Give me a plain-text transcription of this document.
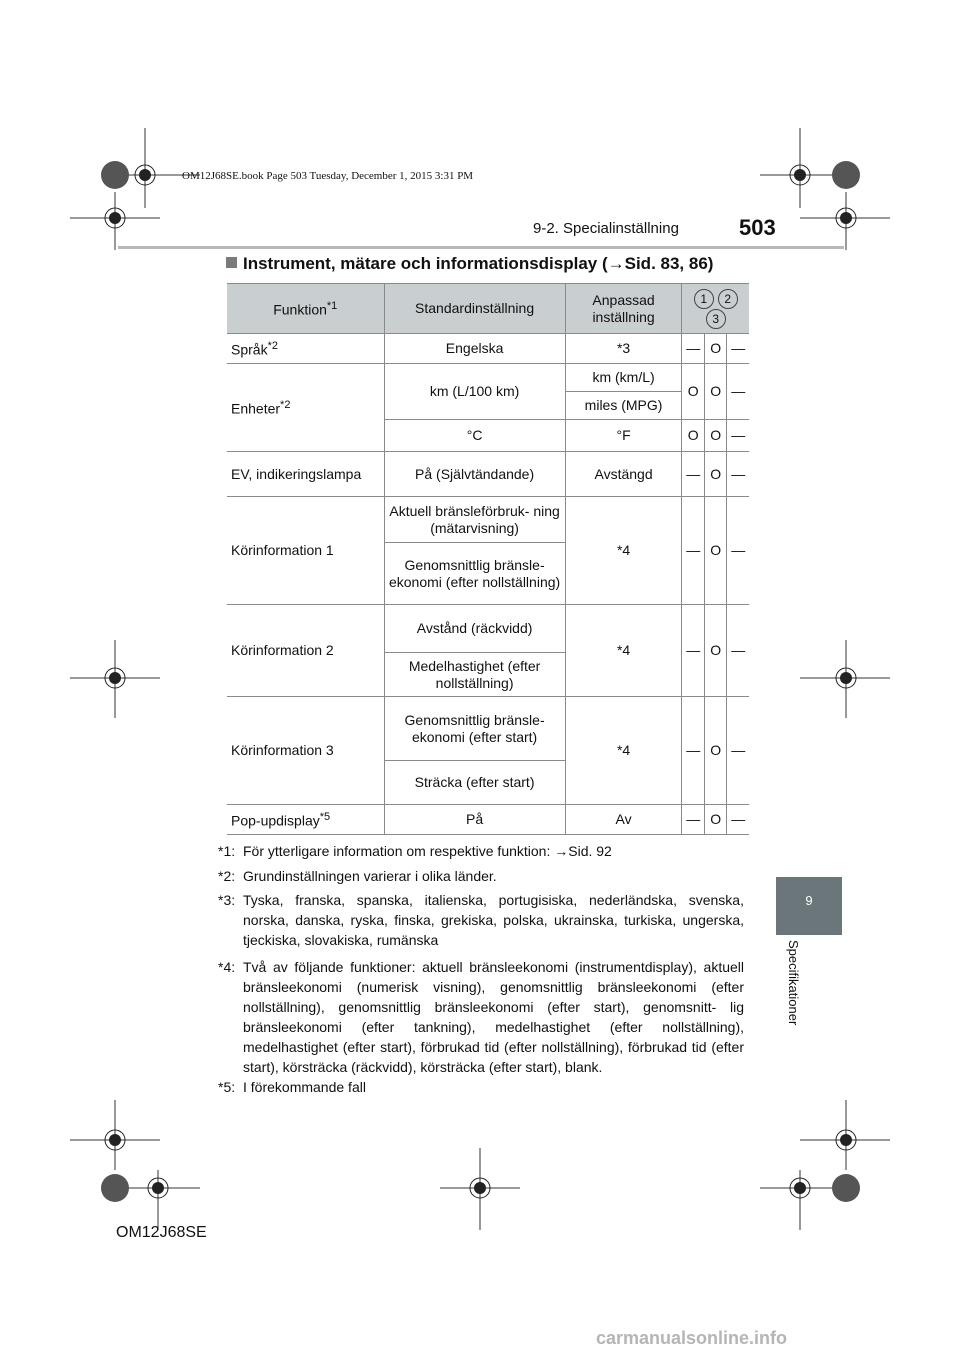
OM12J68SE.book Page 503 Tuesday, December 1, 2015 3:31 PM
9-2. Specialinställning	503
9
Specifikationer
Instrument, mätare och informationsdisplay (→Sid. 83, 86)
Funktion$^{*1}$	Standardinställning	Anpassad inställning	1 23		
Språk$^{*2}$	Engelska	*3	—	O	—
Enheter$^{*2}$	km (L/100 km)	km (km/L)	O	O	—
		miles (MPG)			
	°C	°F	O	O	—
EV, indikeringslampa	På (Självtändande)	Avstängd	—	O	—
Körinformation 1	Aktuell bränsleförbruk- ning (mätarvisning)	*4	—	O	—
	Genomsnittlig bränsle- ekonomi (efter nollställning)				
Körinformation 2	Avstånd (räckvidd)	*4	—	O	—
	Medelhastighet (efter nollställning)				
Körinformation 3	Genomsnittlig bränsle- ekonomi (efter start)	*4	—	O	—
	Sträcka (efter start)				
Pop-updisplay$^{*5}$	På	Av	—	O	—
*1: För ytterligare information om respektive funktion: →Sid. 92
*2: Grundinställningen varierar i olika länder.
*3: Tyska, franska, spanska, italienska, portugisiska, nederländska, svenska, norska, danska, ryska, finska, grekiska, polska, ukrainska, turkiska, ungerska, tjeckiska, slovakiska, rumänska
*4: Två av följande funktioner: aktuell bränsleekonomi (instrumentdisplay), aktuell bränsleekonomi (numerisk visning), genomsnittlig bränsleekonomi (efter nollställning), genomsnittlig bränsleekonomi (efter start), genomsnitt- lig bränsleekonomi (efter tankning), medelhastighet (efter nollställning), medelhastighet (efter start), förbrukad tid (efter nollställning), förbrukad tid (efter start), körsträcka (räckvidd), körsträcka (efter start), blank.
*5: I förekommande fall
OM12J68SE
carmanualsonline.info
